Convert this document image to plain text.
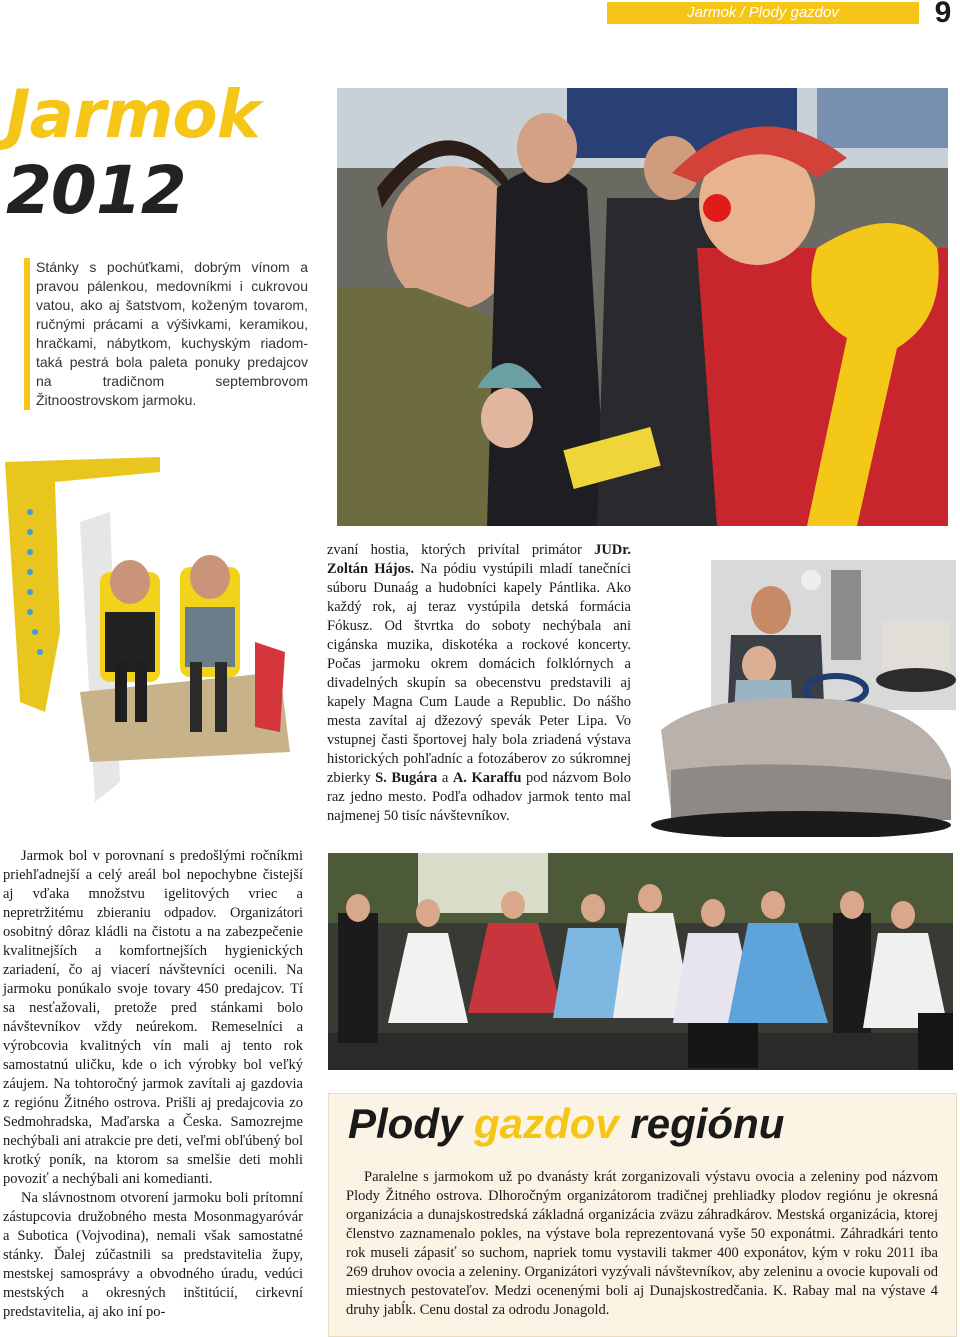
Jarmok / Plody gazdov	9
Jarmok
2012
Stánky s pochúťkami, dobrým vínom a pravou pálenkou, medovníkmi i cukrovou vatou, ako aj šatstvom, koženým tovarom, ručnými prácami a výšivkami, keramikou, hračkami, nábytkom, kuchyským riadom- taká pestrá bola paleta ponuky predajcov na tradičnom septembrovom Žitnoostrovskom jarmoku.

zvaní hostia, ktorých privítal primátor JUDr. Zoltán Hájos. Na pódiu vystúpili mladí tanečníci súboru Dunaág a hudobníci kapely Pántlika. Ako každý rok, aj teraz vystúpila detská formácia Fókusz. Od štvrtka do soboty nechýbala ani cigánska muzika, diskotéka a rockové koncerty. Počas jarmoku okrem domácich folklórnych a divadelných skupín sa obecenstvu predstavili aj kapely Magna Cum Laude a Republic. Do nášho mesta zavítal aj džezový spevák Peter Lipa. Vo vstupnej časti športovej haly bola zriadená výstava historických pohľadníc a fotozáberov zo súkromnej zbierky S. Bugára a A. Karaffu pod názvom Bolo raz jedno mesto. Podľa odhadov jarmok tento mal najmenej 50 tisíc návštevníkov.

Jarmok bol v porovnaní s predošlými ročníkmi priehľadnejší a celý areál bol nepochybne čistejší aj vďaka množstvu igelitových vriec a nepretržitému zbieraniu odpadov. Organizátori osobitný dôraz kládli na čistotu a na zabezpečenie kvalitnejších a komfortnejších hygienických zariadení, čo aj viacerí návštevníci ocenili. Na jarmoku ponúkalo svoje tovary 450 predajcov. Tí sa nesťažovali, pretože pred stánkami bolo návštevníkov vždy neúrekom. Remeselníci a výrobcovia kvalitných vín mali aj tento rok samostatnú uličku, kde o ich výrobky bol veľký záujem. Na tohtoročný jarmok zavítali aj gazdovia z regiónu Žitného ostrova. Prišli aj predajcovia zo Sedmohradska, Maďarska a Česka. Samozrejme nechýbali ani atrakcie pre deti, veľmi obľúbený bol krotký poník, na ktorom sa smelšie deti mohli povoziť a nechýbali ani komedianti.

Na slávnostnom otvorení jarmoku boli prítomní zástupcovia družobného mesta Mosonmagyaróvár a Subotica (Vojvodina), nemali však samostatné stánky. Ďalej zúčastnili sa predstavitelia župy, mestskej samosprávy a obvodného úradu, vedúci mestských a okresných inštitúcií, cirkevní predstavitelia, aj ako iní po-

Plody gazdov regiónu

Paralelne s jarmokom už po dvanásty krát zorganizovali výstavu ovocia a zeleniny pod názvom Plody Žitného ostrova. Dlhoročným organizátorom tradičnej prehliadky plodov regiónu je okresná organizácia a dunajskostredská základná organizácia zväzu záhradkárov. Mestská organizácia, ktorej členstvo zaznamenalo pokles, na výstave bola reprezentovaná vyše 50 exponátmi. Záhradkári tento rok museli zápasiť so suchom, napriek tomu vystavili takmer 400 exponátov, kým v roku 2011 iba 269 druhov ovocia a zeleniny. Organizátori vyzývali návštevníkov, aby zeleninu a ovocie kupovali od miestnych pestovateľov. Medzi ocenenými boli aj Dunajskostredčania. K. Rabay mal na výstave 4 druhy jabĺk. Cenu dostal za odrodu Jonagold.
